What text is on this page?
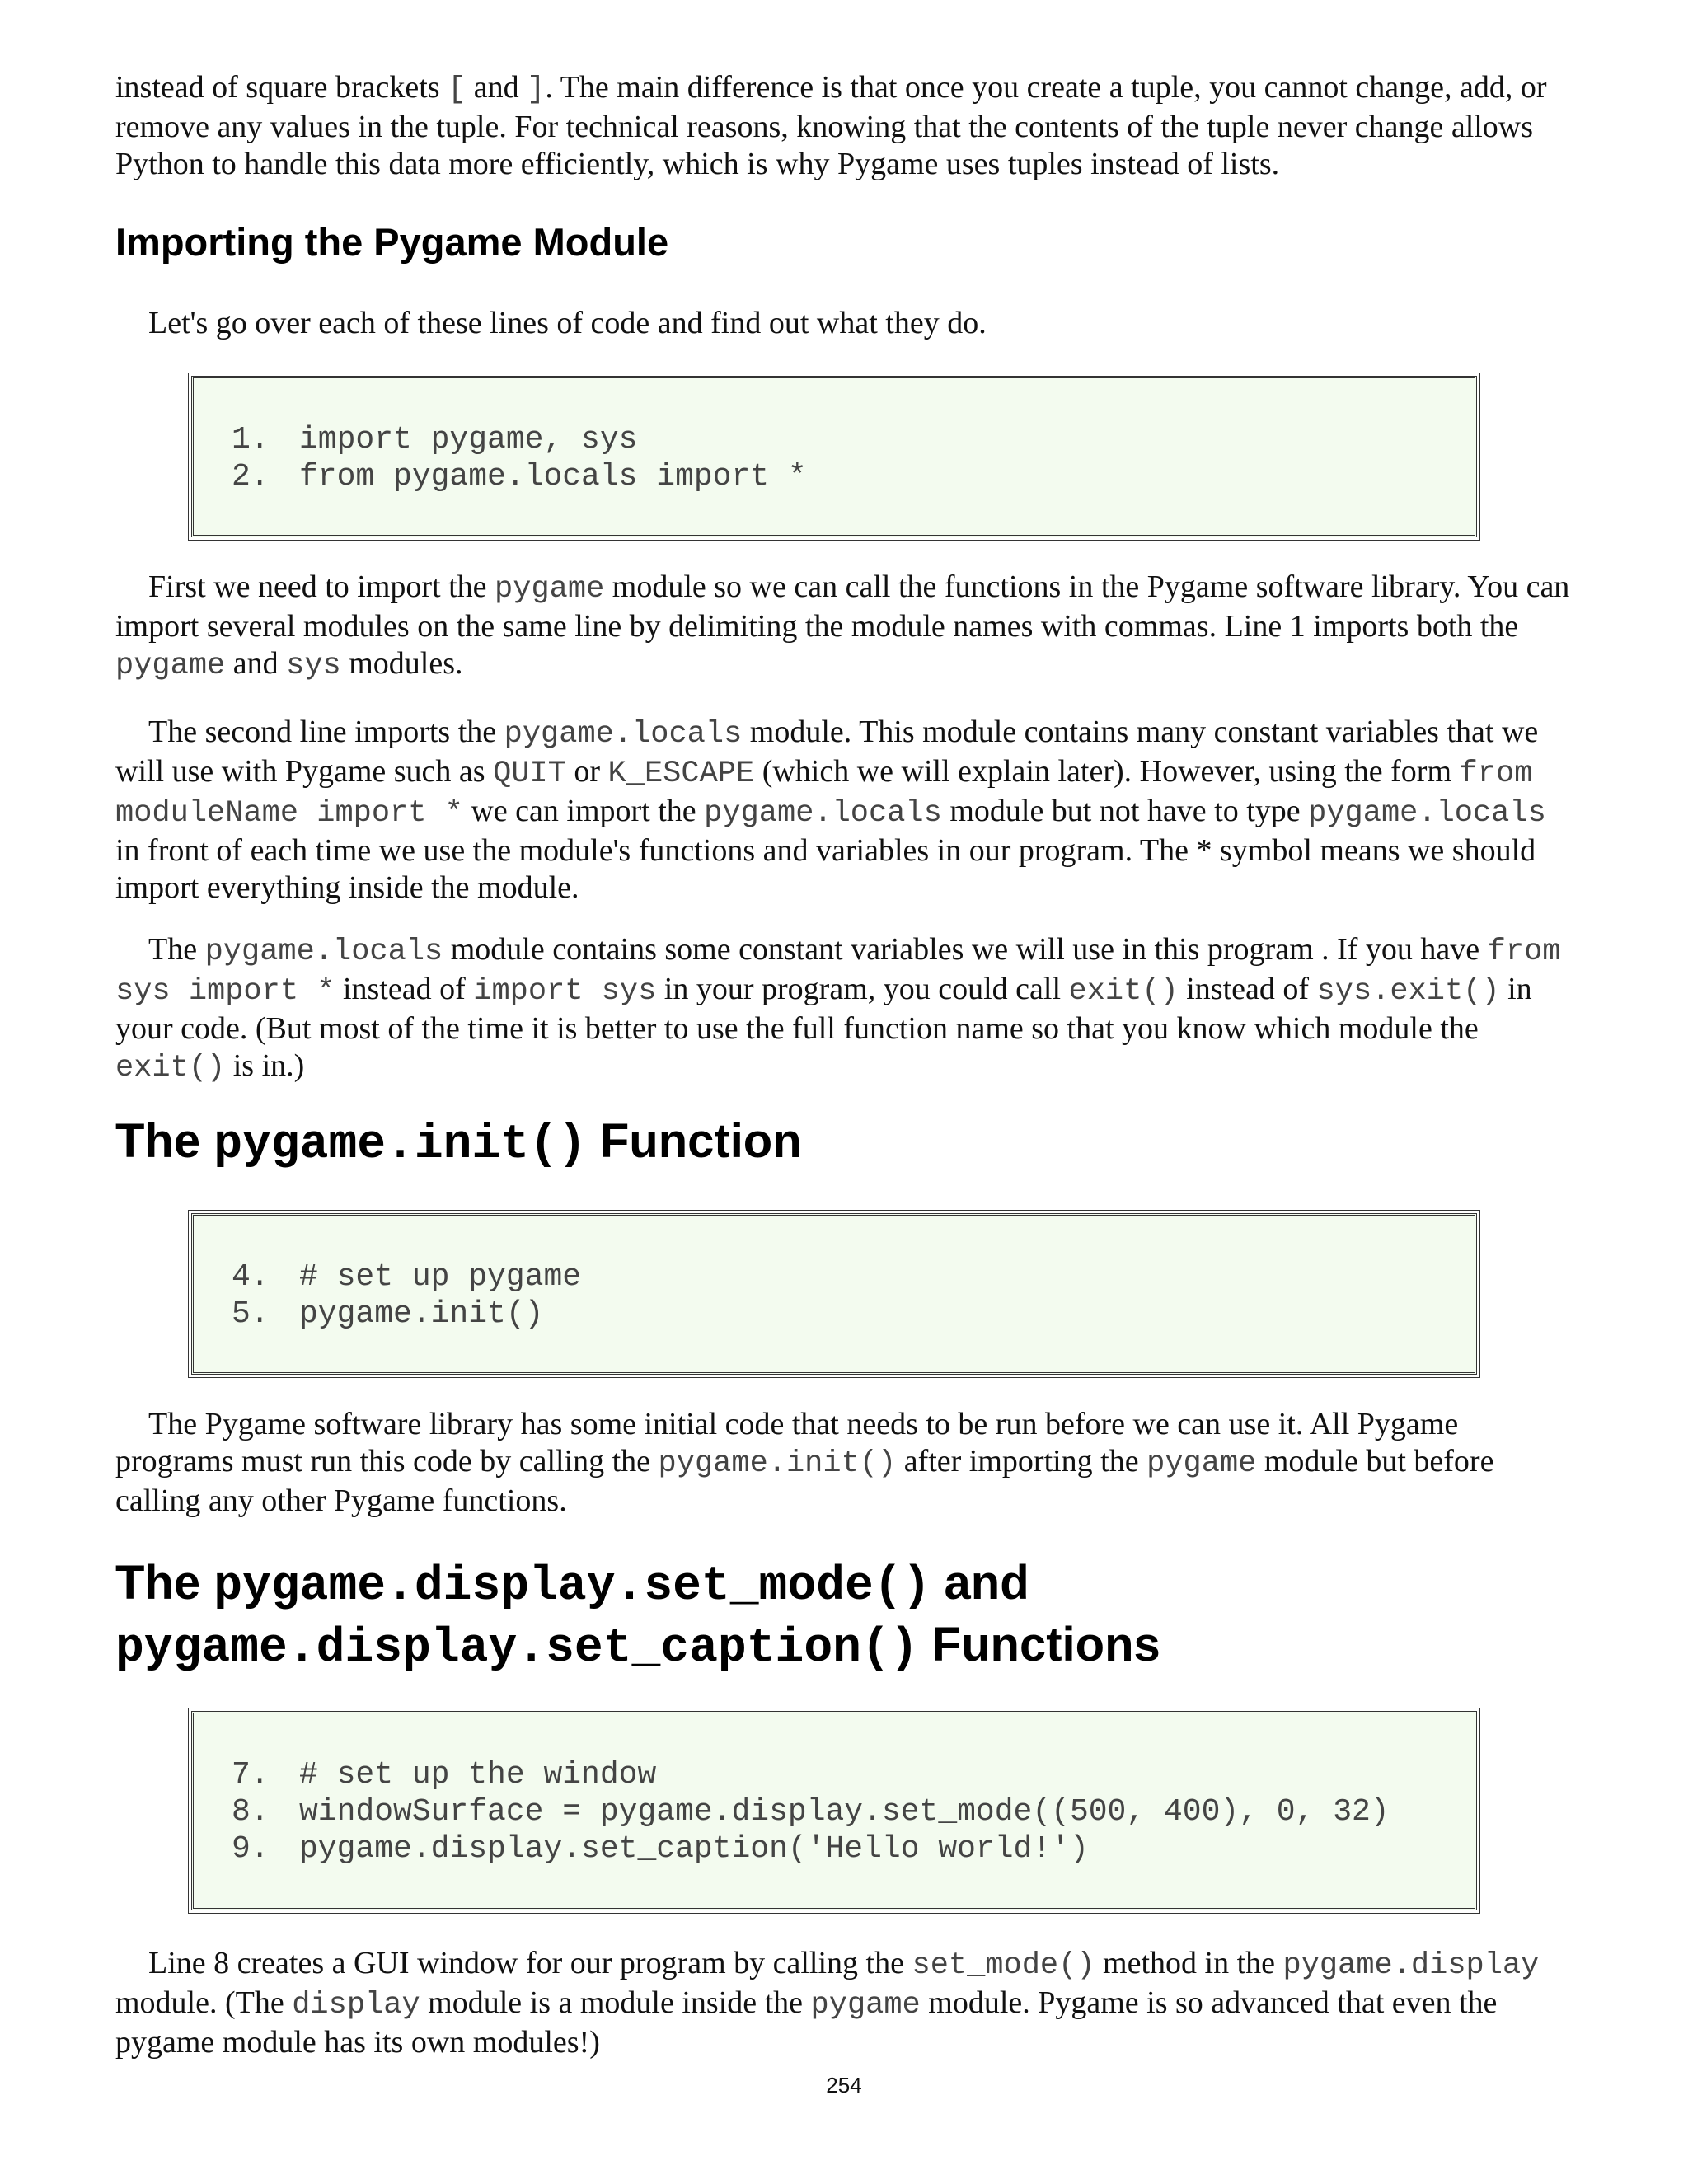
instead of square brackets [ and ]. The main difference is that once you create a tuple, you cannot change, add, or remove any values in the tuple. For technical reasons, knowing that the contents of the tuple never change allows Python to handle this data more efficiently, which is why Pygame uses tuples instead of lists.

Importing the Pygame Module

Let's go over each of these lines of code and find out what they do.

1. import pygame, sys
2. from pygame.locals import *

First we need to import the pygame module so we can call the functions in the Pygame software library. You can import several modules on the same line by delimiting the module names with commas. Line 1 imports both the pygame and sys modules.

The second line imports the pygame.locals module. This module contains many constant variables that we will use with Pygame such as QUIT or K_ESCAPE (which we will explain later). However, using the form from moduleName import * we can import the pygame.locals module but not have to type pygame.locals in front of each time we use the module's functions and variables in our program. The * symbol means we should import everything inside the module.

The pygame.locals module contains some constant variables we will use in this program . If you have from sys import * instead of import sys in your program, you could call exit() instead of sys.exit() in your code. (But most of the time it is better to use the full function name so that you know which module the exit() is in.)

The pygame.init() Function
4. # set up pygame
5. pygame.init()

The Pygame software library has some initial code that needs to be run before we can use it. All Pygame programs must run this code by calling the pygame.init() after importing the pygame module but before calling any other Pygame functions.

The pygame.display.set_mode() and
pygame.display.set_caption() Functions
7. # set up the window
8. windowSurface = pygame.display.set_mode((500, 400), 0, 32)
9. pygame.display.set_caption('Hello world!')

Line 8 creates a GUI window for our program by calling the set_mode() method in the pygame.display module. (The display module is a module inside the pygame module. Pygame is so advanced that even the pygame module has its own modules!)

254
